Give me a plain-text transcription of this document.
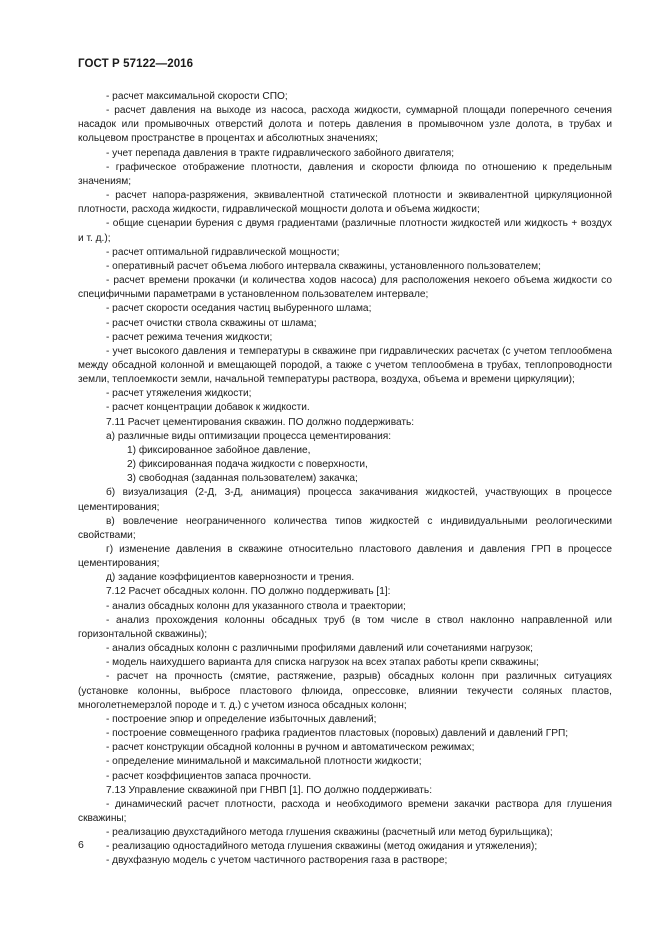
ГОСТ Р 57122—2016

- расчет максимальной скорости СПО;

- расчет давления на выходе из насоса, расхода жидкости, суммарной площади поперечного сечения насадок или промывочных отверстий долота и потерь давления в промывочном узле долота, в трубах и кольцевом пространстве в процентах и абсолютных значениях;

- учет перепада давления в тракте гидравлического забойного двигателя;

- графическое отображение плотности, давления и скорости флюида по отношению к предельным значениям;

- расчет напора-разряжения, эквивалентной статической плотности и эквивалентной циркуляционной плотности, расхода жидкости, гидравлической мощности долота и объема жидкости;

- общие сценарии бурения с двумя градиентами (различные плотности жидкостей или жидкость + воздух и т. д.);

- расчет оптимальной гидравлической мощности;

- оперативный расчет объема любого интервала скважины, установленного пользователем;

- расчет времени прокачки (и количества ходов насоса) для расположения некоего объема жидкости со специфичными параметрами в установленном пользователем интервале;

- расчет скорости оседания частиц выбуренного шлама;

- расчет очистки ствола скважины от шлама;

- расчет режима течения жидкости;

- учет высокого давления и температуры в скважине при гидравлических расчетах (с учетом теплообмена между обсадной колонной и вмещающей породой, а также с учетом теплообмена в трубах, теплопроводности земли, теплоемкости земли, начальной температуры раствора, воздуха, объема и времени циркуляции);

- расчет утяжеления жидкости;

- расчет концентрации добавок к жидкости.

7.11 Расчет цементирования скважин. ПО должно поддерживать:

а) различные виды оптимизации процесса цементирования:

1) фиксированное забойное давление,

2) фиксированная подача жидкости с поверхности,

3) свободная (заданная пользователем) закачка;

б) визуализация (2-Д, 3-Д, анимация) процесса закачивания жидкостей, участвующих в процессе цементирования;

в) вовлечение неограниченного количества типов жидкостей с индивидуальными реологическими свойствами;

г) изменение давления в скважине относительно пластового давления и давления ГРП в процессе цементирования;

д) задание коэффициентов кавернозности и трения.

7.12 Расчет обсадных колонн. ПО должно поддерживать [1]:

- анализ обсадных колонн для указанного ствола и траектории;

- анализ прохождения колонны обсадных труб (в том числе в ствол наклонно направленной или горизонтальной скважины);

- анализ обсадных колонн с различными профилями давлений или сочетаниями нагрузок;

- модель наихудшего варианта для списка нагрузок на всех этапах работы крепи скважины;

- расчет на прочность (смятие, растяжение, разрыв) обсадных колонн при различных ситуациях (установке колонны, выбросе пластового флюида, опрессовке, влиянии текучести соляных пластов, многолетнемерзлой породе и т. д.) с учетом износа обсадных колонн;

- построение эпюр и определение избыточных давлений;

- построение совмещенного графика градиентов пластовых (поровых) давлений и давлений ГРП;

- расчет конструкции обсадной колонны в ручном и автоматическом режимах;

- определение минимальной и максимальной плотности жидкости;

- расчет коэффициентов запаса прочности.

7.13 Управление скважиной при ГНВП [1]. ПО должно поддерживать:

- динамический расчет плотности, расхода и необходимого времени закачки раствора для глушения скважины;

- реализацию двухстадийного метода глушения скважины (расчетный или метод бурильщика);

- реализацию одностадийного метода глушения скважины (метод ожидания и утяжеления);

- двухфазную модель с учетом частичного растворения газа в растворе;

6
